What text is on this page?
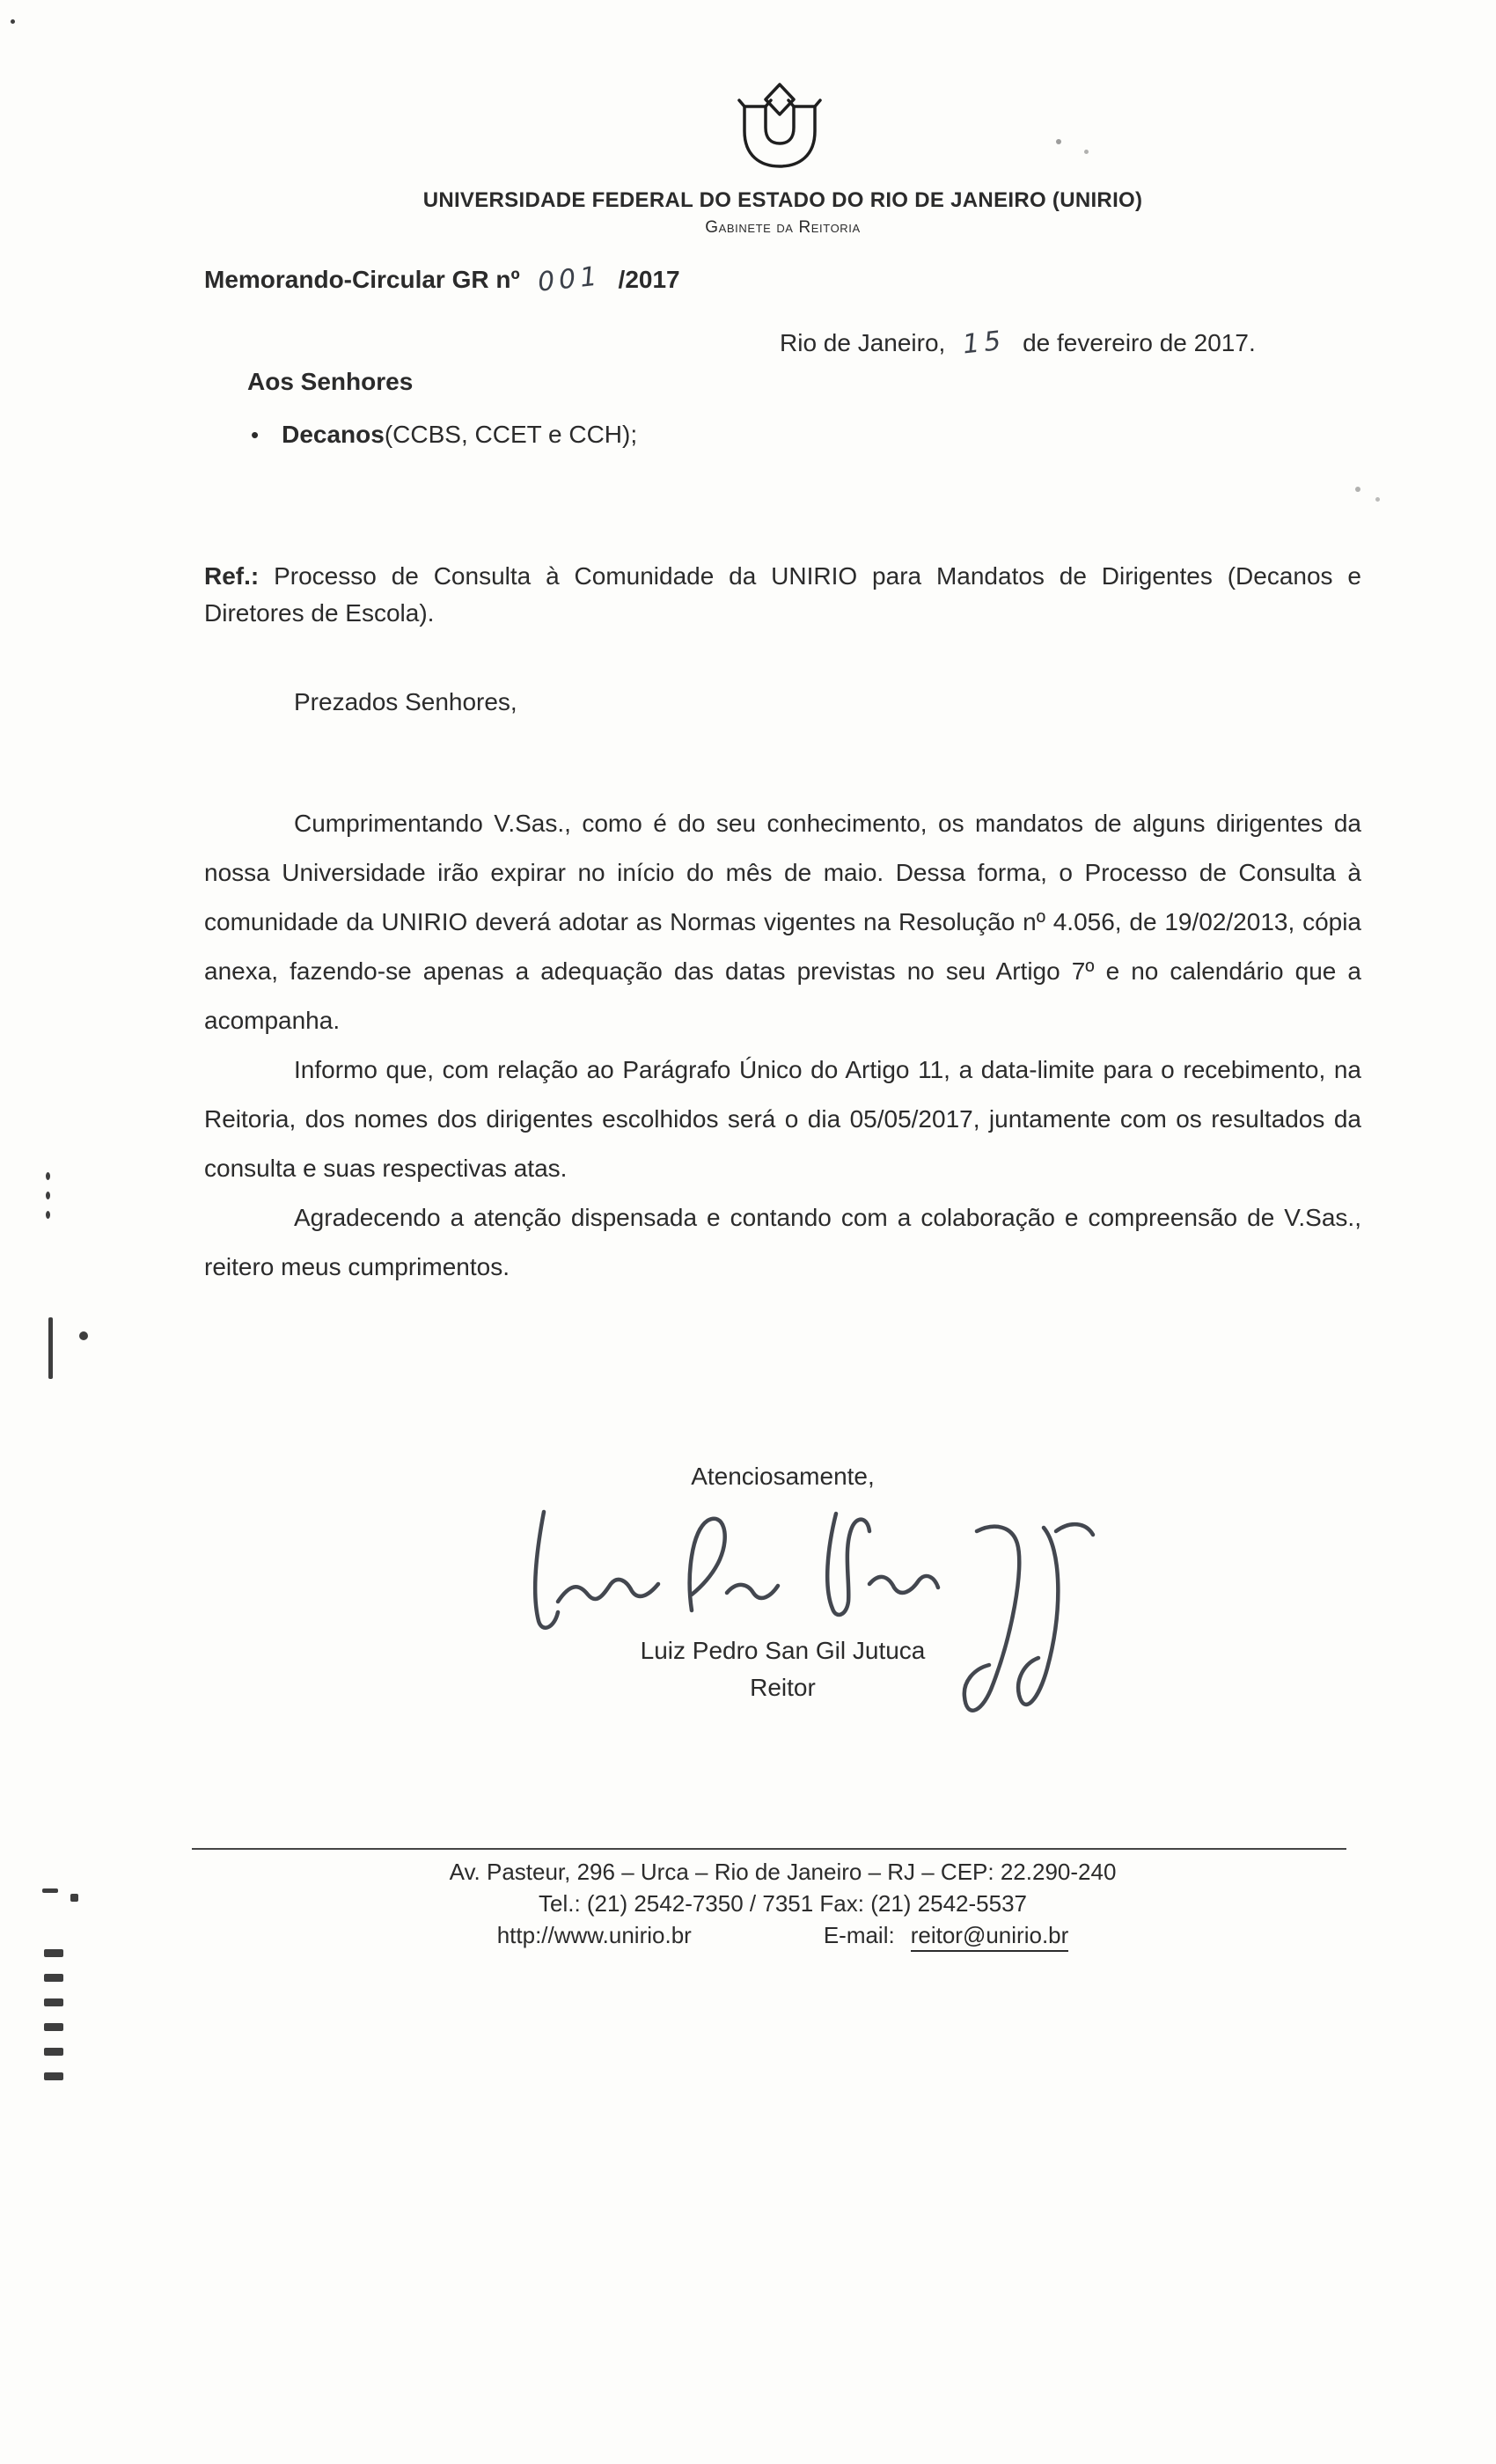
UNIVERSIDADE FEDERAL DO ESTADO DO RIO DE JANEIRO (UNIRIO)
Gabinete da Reitoria
Memorando-Circular GR nº 001 /2017
Rio de Janeiro, 15 de fevereiro de 2017.
Aos Senhores
• Decanos (CCBS, CCET e CCH);
Ref.: Processo de Consulta à Comunidade da UNIRIO para Mandatos de Dirigentes (Decanos e Diretores de Escola).
Prezados Senhores,

Cumprimentando V.Sas., como é do seu conhecimento, os mandatos de alguns dirigentes da nossa Universidade irão expirar no início do mês de maio. Dessa forma, o Processo de Consulta à comunidade da UNIRIO deverá adotar as Normas vigentes na Resolução nº 4.056, de 19/02/2013, cópia anexa, fazendo-se apenas a adequação das datas previstas no seu Artigo 7º e no calendário que a acompanha.

Informo que, com relação ao Parágrafo Único do Artigo 11, a data-limite para o recebimento, na Reitoria, dos nomes dos dirigentes escolhidos será o dia 05/05/2017, juntamente com os resultados da consulta e suas respectivas atas.

Agradecendo a atenção dispensada e contando com a colaboração e compreensão de V.Sas., reitero meus cumprimentos.

Atenciosamente,
Luiz Pedro San Gil Jutuca
Reitor
Av. Pasteur, 296 – Urca – Rio de Janeiro – RJ – CEP: 22.290-240
Tel.: (21) 2542-7350 / 7351 Fax: (21) 2542-5537
http://www.unirio.br	E-mail: reitor@unirio.br
